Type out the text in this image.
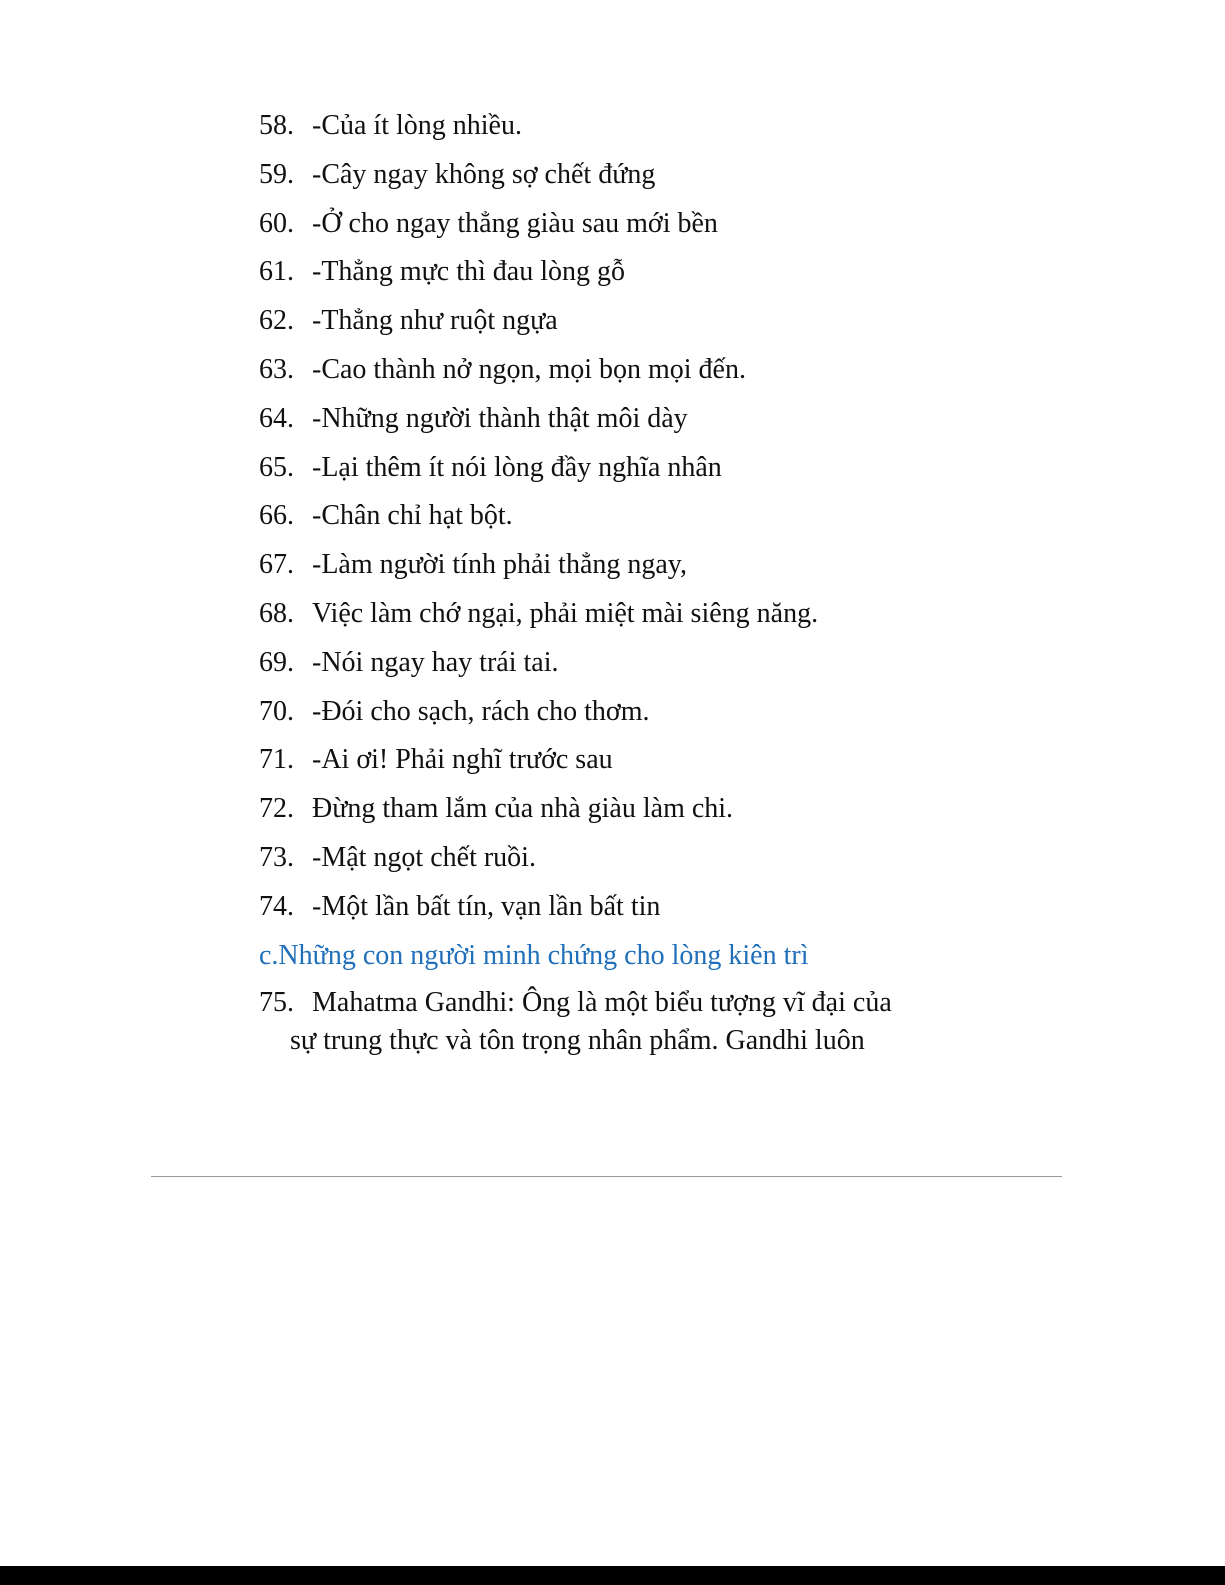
58. -Của ít lòng nhiều.
59. -Cây ngay không sợ chết đứng
60. -Ở cho ngay thẳng giàu sau mới bền
61. -Thẳng mực thì đau lòng gỗ
62. -Thẳng như ruột ngựa
63. -Cao thành nở ngọn, mọi bọn mọi đến.
64. -Những người thành thật môi dày
65. -Lại thêm ít nói lòng đầy nghĩa nhân
66. -Chân chỉ hạt bột.
67. -Làm người tính phải thẳng ngay,
68. Việc làm chớ ngại, phải miệt mài siêng năng.
69. -Nói ngay hay trái tai.
70. -Đói cho sạch, rách cho thơm.
71. -Ai ơi! Phải nghĩ trước sau
72. Đừng tham lắm của nhà giàu làm chi.
73. -Mật ngọt chết ruồi.
74. -Một lần bất tín, vạn lần bất tin
c.Những con người minh chứng cho lòng kiên trì
75. Mahatma Gandhi: Ông là một biểu tượng vĩ đại của
sự trung thực và tôn trọng nhân phẩm. Gandhi luôn
